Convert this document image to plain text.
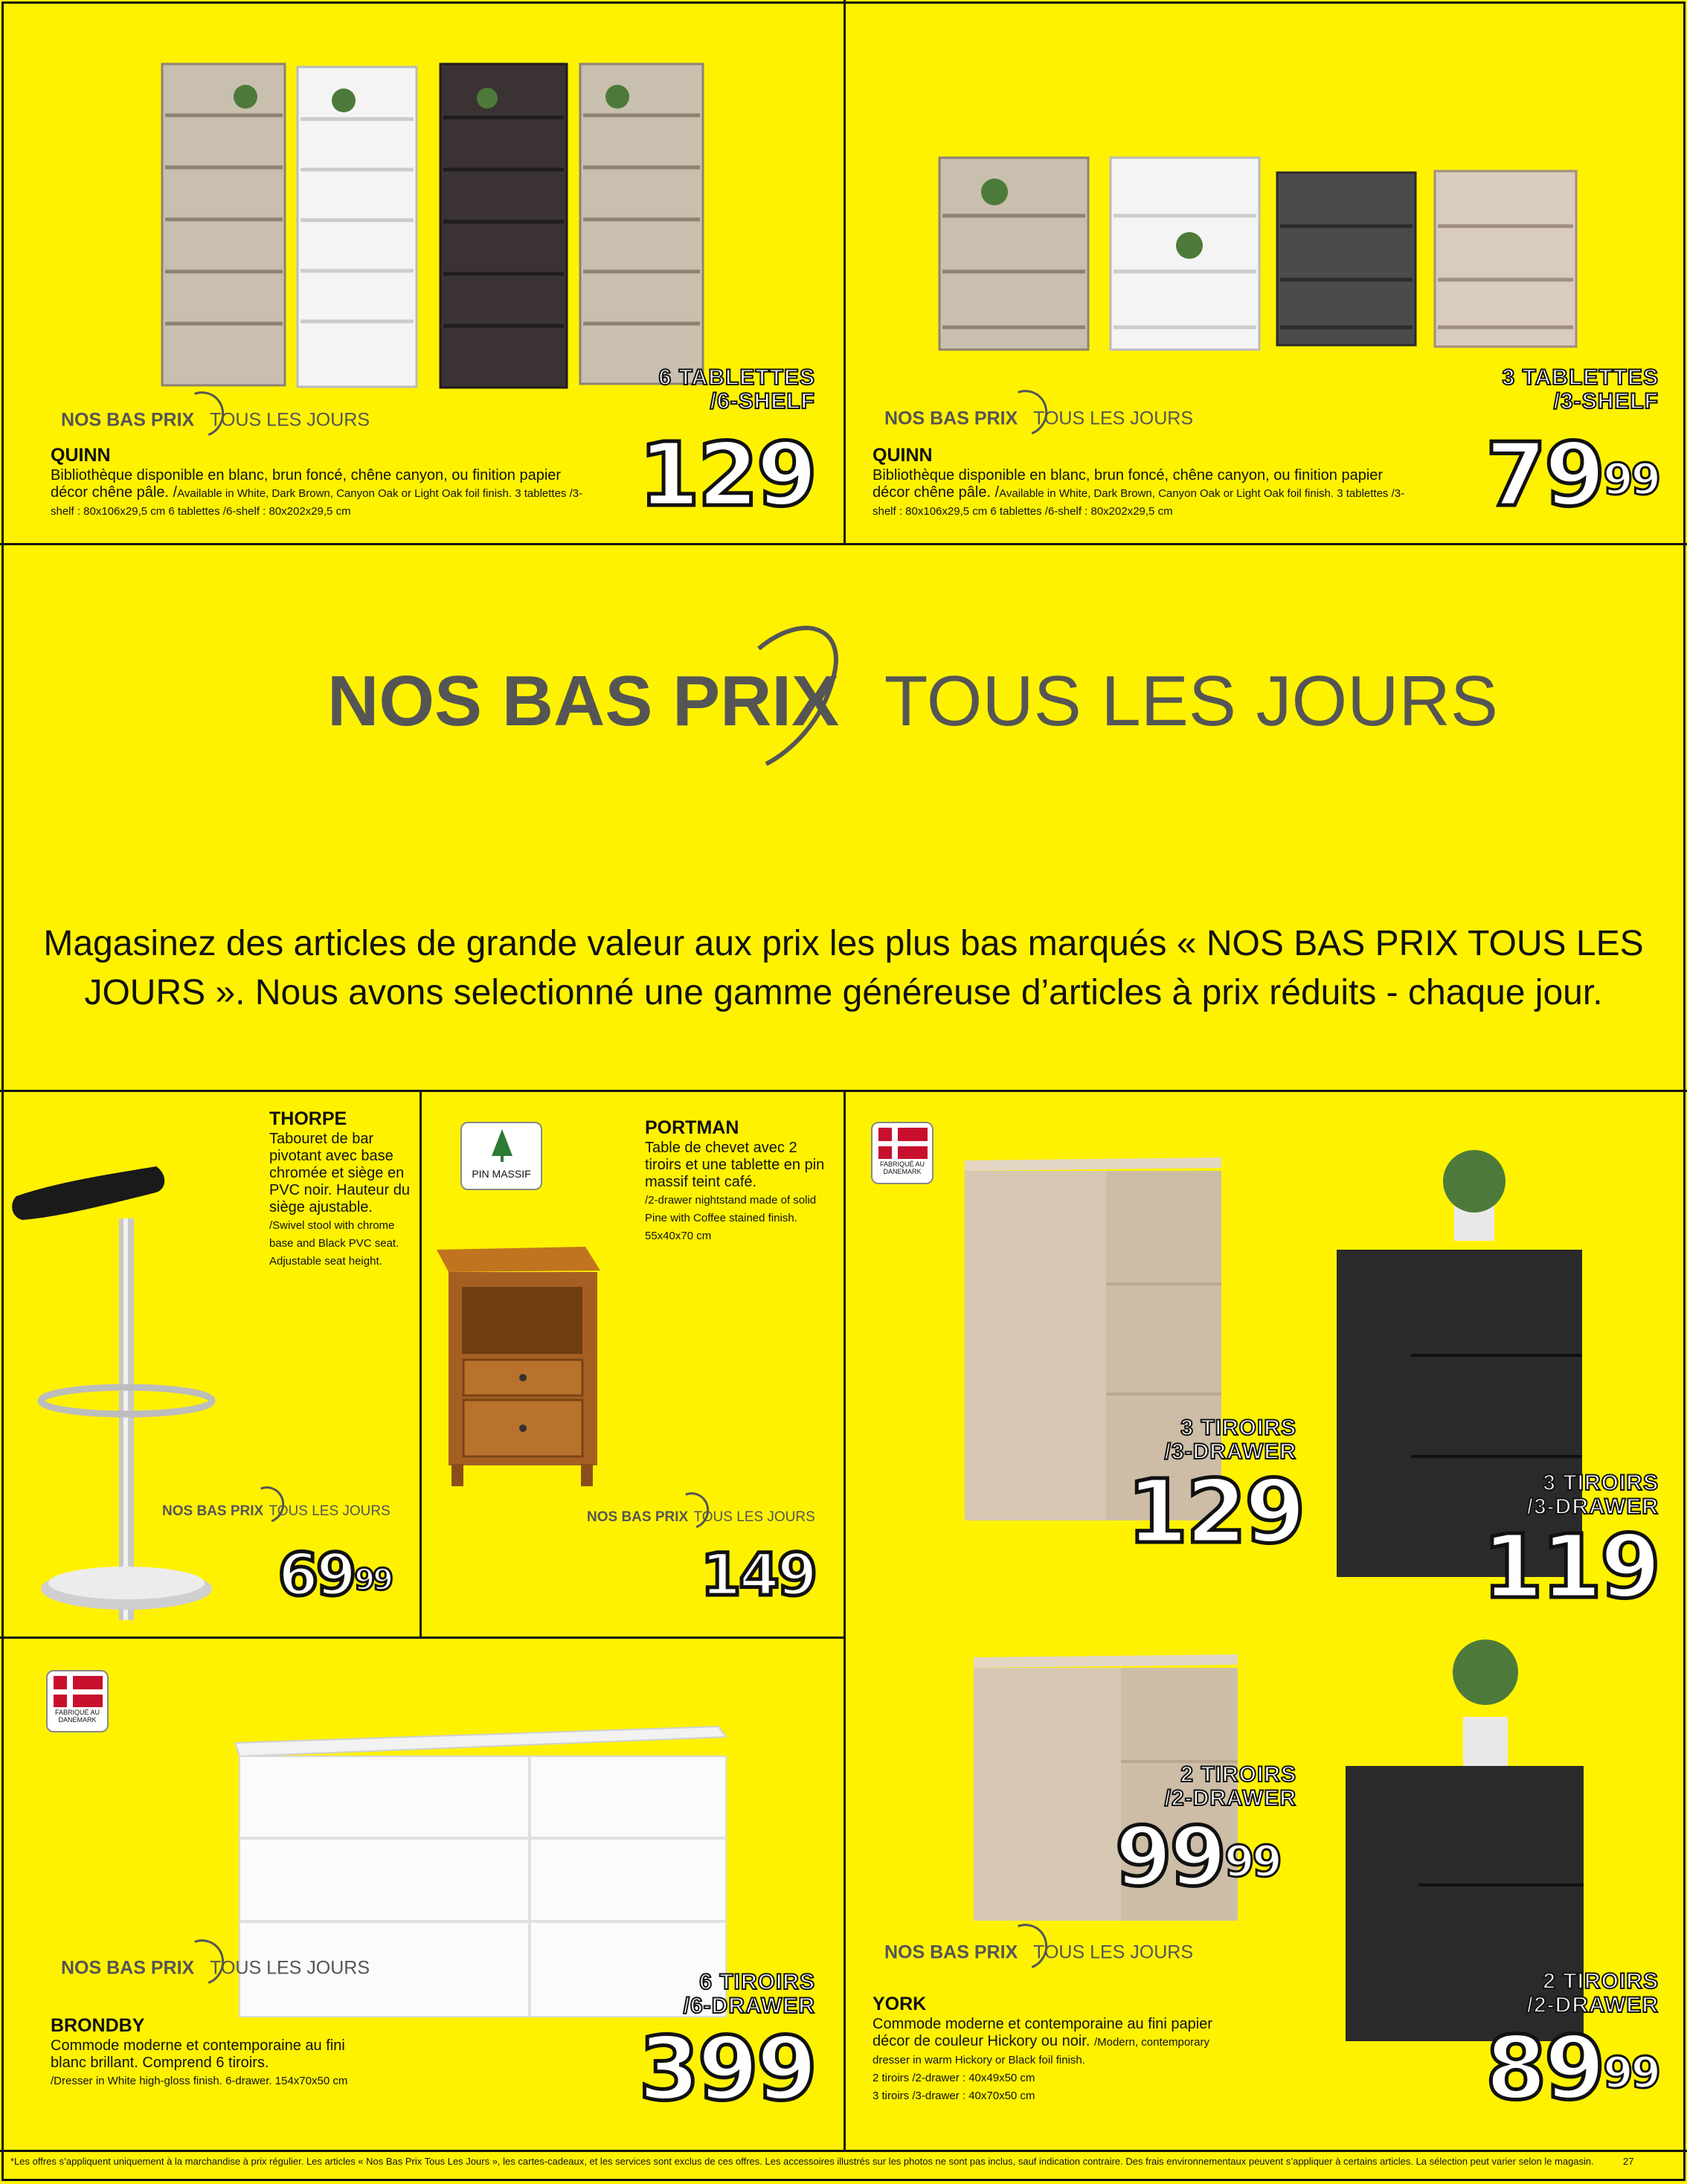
NOS BAS PRIX TOUS LES JOURS
QUINN
Bibliothèque disponible en blanc, brun foncé, chêne canyon, ou finition papier décor chêne pâle. /Available in White, Dark Brown, Canyon Oak or Light Oak foil finish. 3 tablettes /3-shelf : 80x106x29,5 cm 6 tablettes /6-shelf : 80x202x29,5 cm
6 TABLETTES
/6-SHELF
129
NOS BAS PRIX TOUS LES JOURS
QUINN
Bibliothèque disponible en blanc, brun foncé, chêne canyon, ou finition papier décor chêne pâle. /Available in White, Dark Brown, Canyon Oak or Light Oak foil finish. 3 tablettes /3-shelf : 80x106x29,5 cm 6 tablettes /6-shelf : 80x202x29,5 cm
3 TABLETTES
/3-SHELF
$79^{99}$
NOS BAS PRIX TOUS LES JOURS
Magasinez des articles de grande valeur aux prix les plus bas marqués « NOS BAS PRIX TOUS LES
JOURS ». Nous avons selectionné une gamme généreuse d’articles à prix réduits - chaque jour.
THORPE
Tabouret de bar pivotant avec base chromée et siège en PVC noir. Hauteur du siège ajustable.
/Swivel stool with chrome base and Black PVC seat. Adjustable seat height.
NOS BAS PRIX TOUS LES JOURS
$69^{99}$
PIN MASSIF
PORTMAN
Table de chevet avec 2 tiroirs et une tablette en pin massif teint café.
/2-drawer nightstand made of solid Pine with Coffee stained finish. 55x40x70 cm
NOS BAS PRIX TOUS LES JOURS
149
FABRIQUÉ AU DANEMARK
NOS BAS PRIX TOUS LES JOURS
BRONDBY
Commode moderne et contemporaine au fini blanc brillant. Comprend 6 tiroirs.
/Dresser in White high-gloss finish. 6-drawer. 154x70x50 cm
6 TIROIRS
/6-DRAWER
399
FABRIQUÉ AU DANEMARK
3 TIROIRS
/3-DRAWER
129	3 TIROIRS
/3-DRAWER
119
2 TIROIRS
/2-DRAWER
$99^{99}$
NOS BAS PRIX TOUS LES JOURS
YORK
Commode moderne et contemporaine au fini papier décor de couleur Hickory ou noir. /Modern, contemporary dresser in warm Hickory or Black foil finish.
2 tiroirs /2-drawer : 40x49x50 cm
3 tiroirs /3-drawer : 40x70x50 cm
2 TIROIRS
/2-DRAWER
$89^{99}$
*Les offres s’appliquent uniquement à la marchandise à prix régulier. Les articles « Nos Bas Prix Tous Les Jours », les cartes-cadeaux, et les services sont exclus de ces offres. Les accessoires illustrés sur les photos ne sont pas inclus, sauf indication contraire. Des frais environnementaux peuvent s’appliquer à certains articles. La sélection peut varier selon le magasin.	27
